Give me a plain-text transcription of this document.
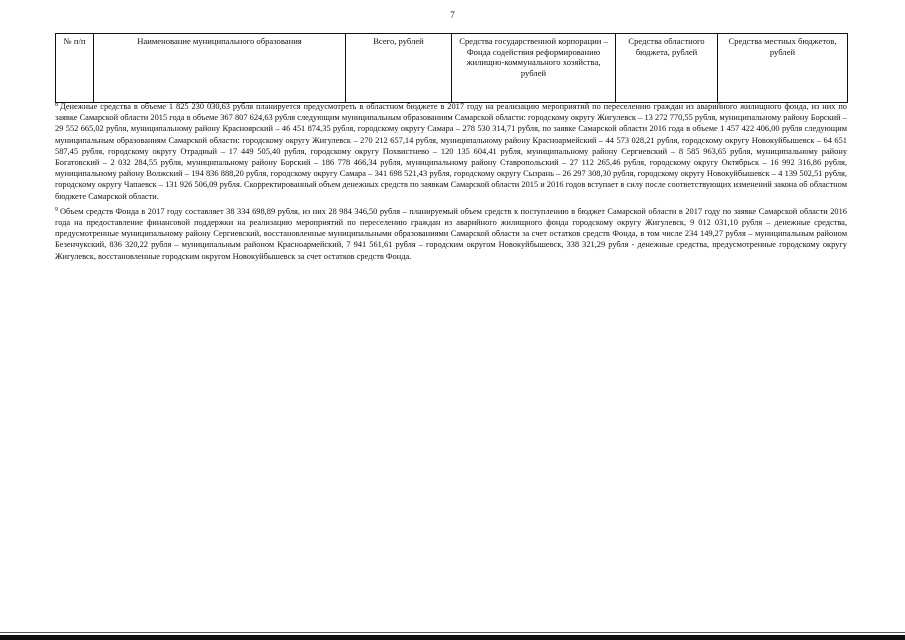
7
№ п/п	Наименование муниципального образования	Всего, рублей	Средства государственной корпорации – Фонда содействия реформированию жилищно-коммунального хозяйства, рублей	Средства областного бюджета, рублей	Средства местных бюджетов, рублей

$^8$ Денежные средства в объеме 1 825 230 030,63 рубля планируется предусмотреть в областном бюджете в 2017 году на реализацию мероприятий по переселению граждан из аварийного жилищного фонда, из них по заявке Самарской области 2015 года в объеме 367 807 624,63 рубля следующим муниципальным образованиям Самарской области: городскому округу Жигулевск – 13 272 770,55 рубля, муниципальному району Борский – 29 552 665,02 рубля, муниципальному району Красноярский – 46 451 874,35 рубля, городскому округу Самара – 278 530 314,71 рубля, по заявке Самарской области 2016 года в объеме 1 457 422 406,00 рубля следующим муниципальным образованиям Самарской области: городскому округу Жигулевск – 270 212 657,14 рубля, муниципальному району Красноармейский – 44 573 028,21 рубля, городскому округу Новокуйбышевск – 64 651 587,45 рубля, городскому округу Отрадный – 17 449 505,40 рубля, городскому округу Похвистнево – 120 135 604,41 рубля, муниципальному району Сергиевский – 8 585 963,65 рубля, муниципальному району Богатовский – 2 032 284,55 рубля, муниципальному району Борский – 186 778 466,34 рубля, муниципальному району Ставропольский – 27 112 265,46 рубля, городскому округу Октябрьск – 16 992 316,86 рубля, муниципальному району Волжский – 194 836 888,20 рубля, городскому округу Самара – 341 698 521,43 рубля, городскому округу Сызрань – 26 297 308,30 рубля, городскому округу Новокуйбышевск – 4 139 502,51 рубля, городскому округу Чапаевск – 131 926 506,09 рубля. Скорректированный объем денежных средств по заявкам Самарской области 2015 и 2016 годов вступает в силу после соответствующих изменений закона об областном бюджете Самарской области.

$^9$ Объем средств Фонда в 2017 году составляет 38 334 698,89 рубля, из них 28 984 346,50 рубля – планируемый объем средств к поступлению в бюджет Самарской области в 2017 году по заявке Самарской области 2016 года на предоставление финансовой поддержки на реализацию мероприятий по переселению граждан из аварийного жилищного фонда городскому округу Жигулевск, 9 012 031,10 рубля – денежные средства, предусмотренные муниципальному району Сергиевский, восстановленные муниципальными образованиями Самарской области за счет остатков средств Фонда, в том числе 234 149,27 рубля – муниципальным районом Безенчукский, 836 320,22 рубля – муниципальным районом Красноармейский, 7 941 561,61 рубля – городским округом Новокуйбышевск, 338 321,29 рубля - денежные средства, предусмотренные городскому округу Жигулевск, восстановленные городским округом Новокуйбышевск за счет остатков средств Фонда.
